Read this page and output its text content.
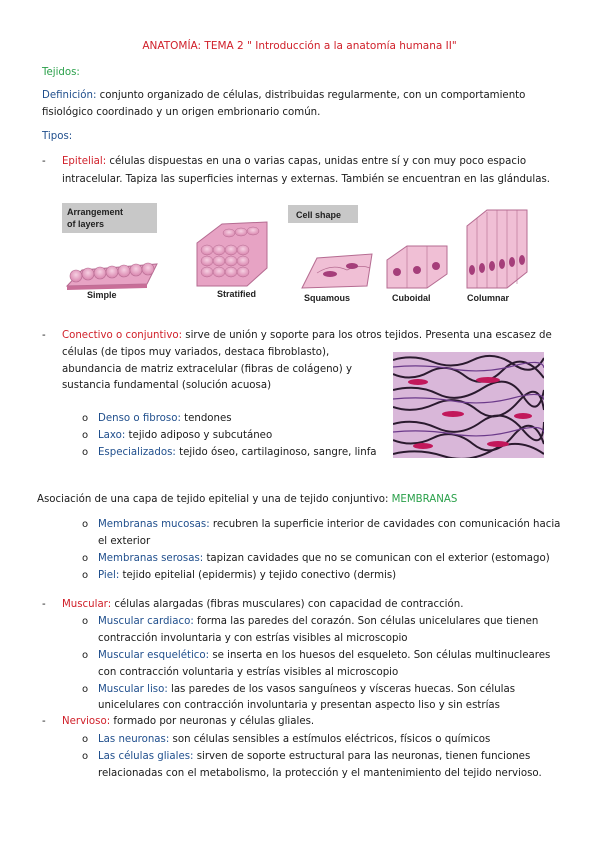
ANATOMÍA: TEMA 2 " Introducción a la anatomía humana II"
Tejidos:
Definición: conjunto organizado de células, distribuidas regularmente, con un comportamiento
fisiológico coordinado y un origen embrionario común.
Tipos:
- Epitelial: células dispuestas en una o varias capas, unidas entre sí y con muy poco espacio
intracelular. Tapiza las superficies internas y externas. También se encuentran en las glándulas.
Arrangement
of layers
Cell shape
Simple	Stratified	Squamous	Cuboidal	Columnar
- Conectivo o conjuntivo: sirve de unión y soporte para los otros tejidos. Presenta una escasez de
células (de tipos muy variados, destaca fibroblasto),
abundancia de matriz extracelular (fibras de colágeno) y
sustancia fundamental (solución acuosa)
o Denso o fibroso: tendones
o Laxo: tejido adiposo y subcutáneo
o Especializados: tejido óseo, cartilaginoso, sangre, linfa
Asociación de una capa de tejido epitelial y una de tejido conjuntivo: MEMBRANAS
o Membranas mucosas: recubren la superficie interior de cavidades con comunicación hacia
el exterior
o Membranas serosas: tapizan cavidades que no se comunican con el exterior (estomago)
o Piel: tejido epitelial (epidermis) y tejido conectivo (dermis)
- Muscular: células alargadas (fibras musculares) con capacidad de contracción.
o Muscular cardiaco: forma las paredes del corazón. Son células unicelulares que tienen
contracción involuntaria y con estrías visibles al microscopio
o Muscular esquelético: se inserta en los huesos del esqueleto. Son células multinucleares
con contracción voluntaria y estrías visibles al microscopio
o Muscular liso: las paredes de los vasos sanguíneos y vísceras huecas. Son células
unicelulares con contracción involuntaria y presentan aspecto liso y sin estrías
- Nervioso: formado por neuronas y células gliales.
o Las neuronas: son células sensibles a estímulos eléctricos, físicos o químicos
o Las células gliales: sirven de soporte estructural para las neuronas, tienen funciones
relacionadas con el metabolismo, la protección y el mantenimiento del tejido nervioso.
